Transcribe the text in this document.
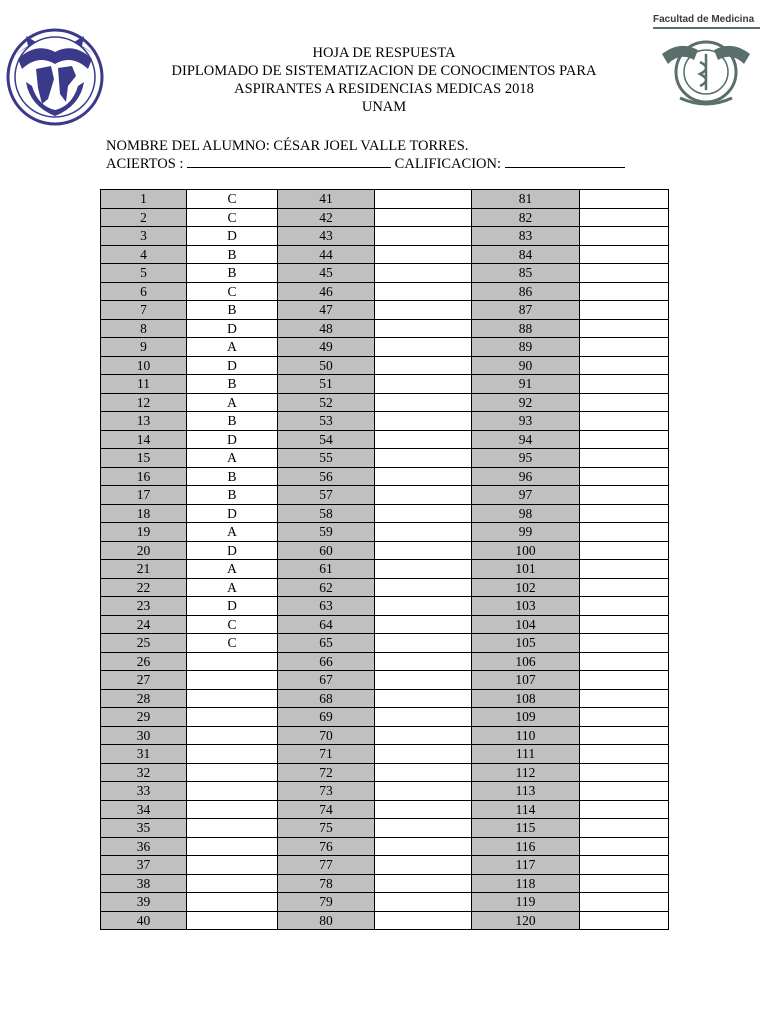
Facultad de Medicina
HOJA DE RESPUESTA
DIPLOMADO DE SISTEMATIZACION DE CONOCIMENTOS PARA
ASPIRANTES A RESIDENCIAS MEDICAS 2018
UNAM
NOMBRE DEL ALUMNO: CÉSAR JOEL VALLE TORRES.
ACIERTOS :	CALIFICACION:
1	C	41		81	
2	C	42		82	
3	D	43		83	
4	B	44		84	
5	B	45		85	
6	C	46		86	
7	B	47		87	
8	D	48		88	
9	A	49		89	
10	D	50		90	
11	B	51		91	
12	A	52		92	
13	B	53		93	
14	D	54		94	
15	A	55		95	
16	B	56		96	
17	B	57		97	
18	D	58		98	
19	A	59		99	
20	D	60		100	
21	A	61		101	
22	A	62		102	
23	D	63		103	
24	C	64		104	
25	C	65		105	
26		66		106	
27		67		107	
28		68		108	
29		69		109	
30		70		110	
31		71		111	
32		72		112	
33		73		113	
34		74		114	
35		75		115	
36		76		116	
37		77		117	
38		78		118	
39		79		119	
40		80		120	
